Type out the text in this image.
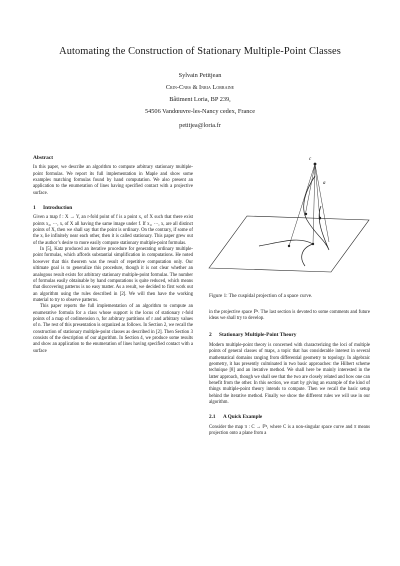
Automating the Construction of Stationary Multiple-Point Classes
Sylvain Petitjean
Crin-Cnrs & Inria Lorraine
Bâtiment Loria, BP 239,
54506 Vandœuvre-les-Nancy cedex, France
petitjea@loria.fr
Abstract

In this paper, we describe an algorithm to compute arbitrary stationary multiple-point formulas. We report its full implementation in Maple and show some examples matching formulas found by hand computation. We also present an application to the enumeration of lines having specified contact with a projective surface.

1 Introduction

Given a map f : X → Y, an r-fold point of f is a point x₁ of X such that there exist points x₂, ⋯, xᵣ of X all having the same image under f. If x₁, ⋯, xᵣ are all distinct points of X, then we shall say that the point is ordinary. On the contrary, if some of the xᵢ lie infinitely near each other, then it is called stationary. This paper grew out of the author’s desire to more easily compute stationary multiple-point formulas.

In [5], Katz produced an iterative procedure for generating ordinary multiple-point formulas, which affords substantial simplification in computations. He noted however that this theorem was the result of repetitive computation only. Our ultimate goal is to generalize this procedure, though it is not clear whether an analogous result exists for arbitrary stationary multiple-point formulas. The number of formulas easily obtainable by hand computations is quite reduced, which means that discovering patterns is no easy matter. As a result, we decided to first work out an algorithm using the rules described in [2]. We will then have the working material to try to observe patterns.

This paper reports the full implementation of an algorithm to compute an enumerative formula for a class whose support is the locus of stationary r-fold points of a map of codimension n, for arbitrary partitions of r and arbitrary values of n. The rest of this presentation is organized as follows. In Section 2, we recall the construction of stationary multiple-point classes as described in [2]. Then Section 3 consists of the description of our algorithm. In Section 4, we produce some results and show an application to the enumeration of lines having specified contact with a surface

c
a
Figure 1: The cuspidal projection of a space curve.

in the projective space ℙ³. The last section is devoted to some comments and future ideas we shall try to develop.

2 Stationary Multiple-Point Theory

Modern multiple-point theory is concerned with characterizing the loci of multiple points of general classes of maps, a topic that has considerable interest in several mathematical domains ranging from differential geometry to topology. In algebraic geometry, it has presently culminated in two basic approaches: the Hilbert scheme technique [8] and an iterative method. We shall here be mainly interested in the latter approach, though we shall see that the two are closely related and how one can benefit from the other. In this section, we start by giving an example of the kind of things multiple-point theory intends to compute. Then we recall the basic setup behind the iterative method. Finally we show the different rules we will use in our algorithm.

2.1 A Quick Example

Consider the map π : C → ℙ², where C is a non-singular space curve and π means projection onto a plane from a
